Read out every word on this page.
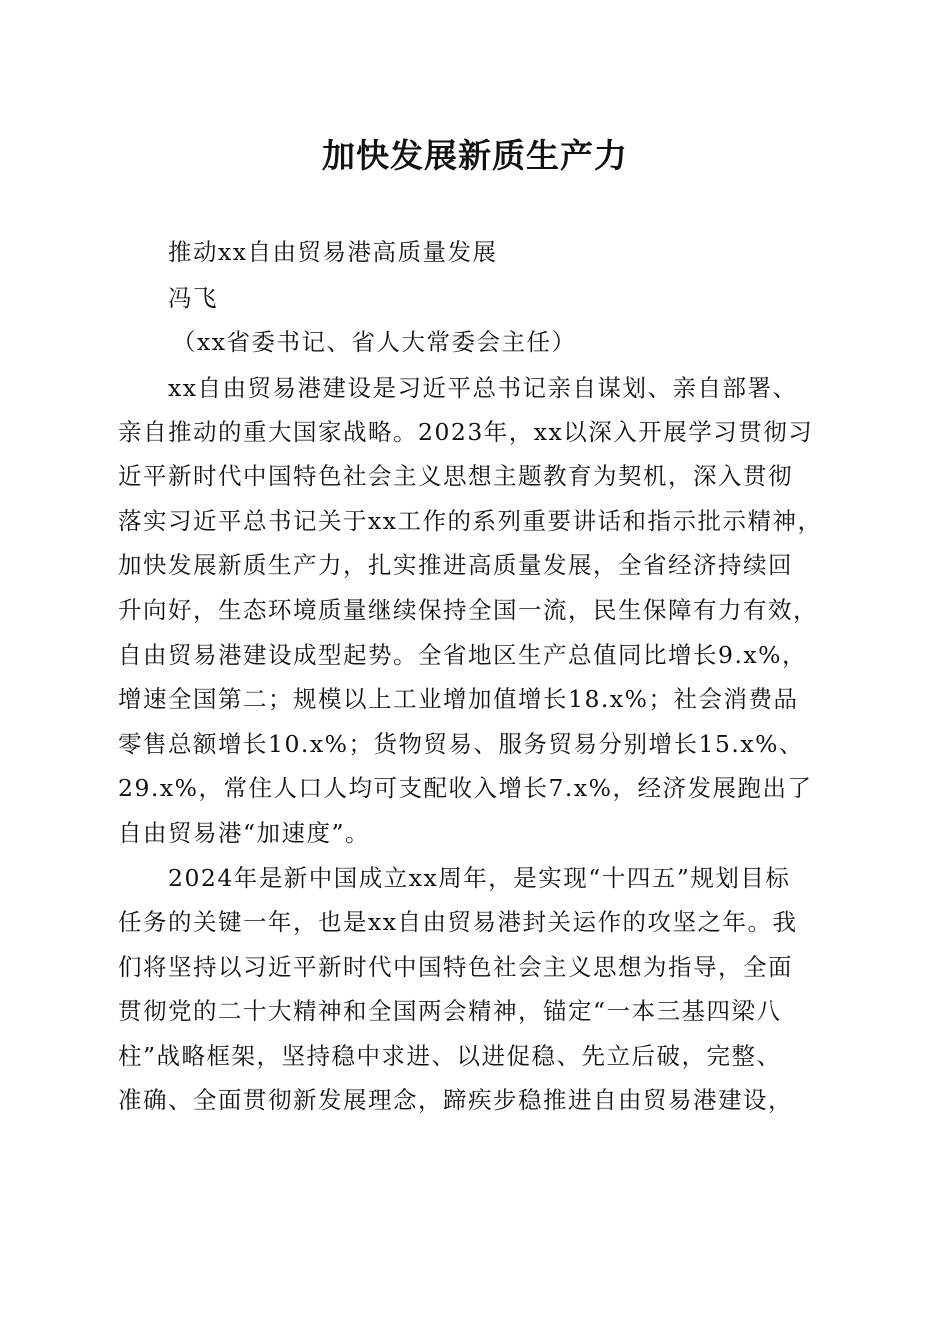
加快发展新质生产力
推动xx自由贸易港高质量发展
冯飞
（xx省委书记、省人大常委会主任）
xx自由贸易港建设是习近平总书记亲自谋划、亲自部署、
亲自推动的重大国家战略。2023年，xx以深入开展学习贯彻习
近平新时代中国特色社会主义思想主题教育为契机，深入贯彻
落实习近平总书记关于xx工作的系列重要讲话和指示批示精神，
加快发展新质生产力，扎实推进高质量发展，全省经济持续回
升向好，生态环境质量继续保持全国一流，民生保障有力有效，
自由贸易港建设成型起势。全省地区生产总值同比增长9.x%，
增速全国第二；规模以上工业增加值增长18.x%；社会消费品
零售总额增长10.x%；货物贸易、服务贸易分别增长15.x%、
29.x%，常住人口人均可支配收入增长7.x%，经济发展跑出了
自由贸易港“加速度”。
2024年是新中国成立xx周年，是实现“十四五”规划目标
任务的关键一年，也是xx自由贸易港封关运作的攻坚之年。我
们将坚持以习近平新时代中国特色社会主义思想为指导，全面
贯彻党的二十大精神和全国两会精神，锚定“一本三基四梁八
柱”战略框架，坚持稳中求进、以进促稳、先立后破，完整、
准确、全面贯彻新发展理念，蹄疾步稳推进自由贸易港建设，
